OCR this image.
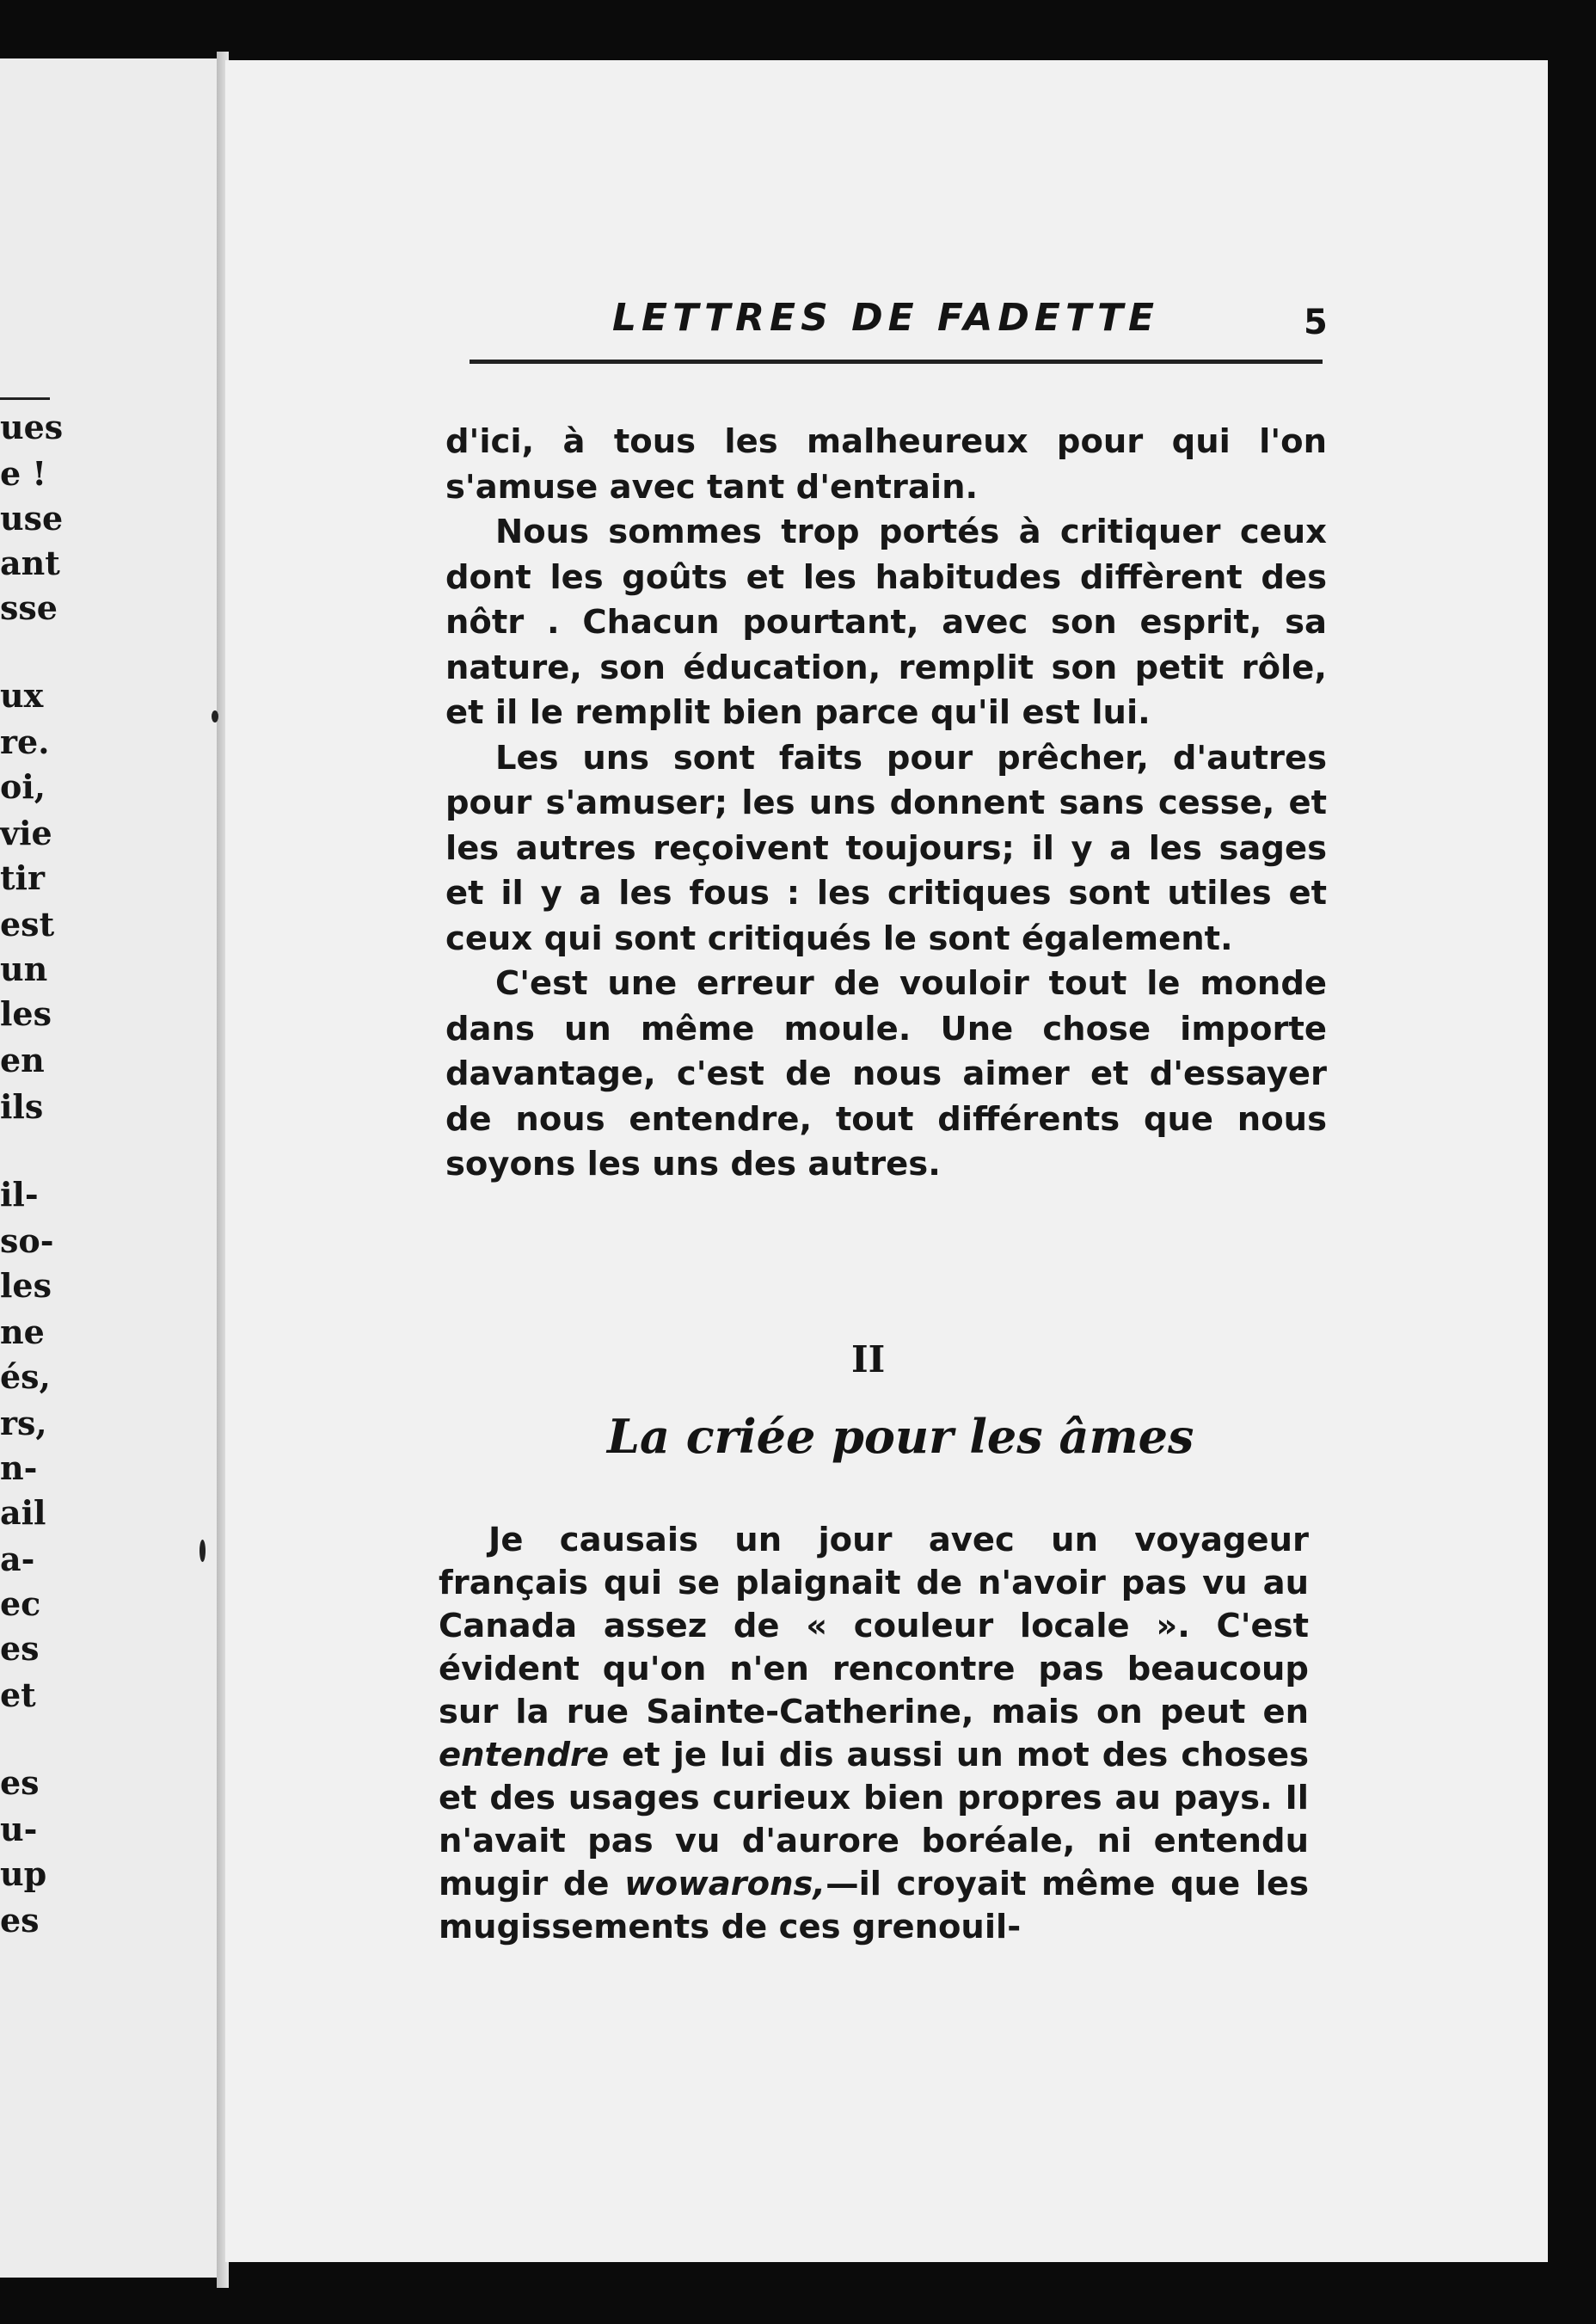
ues
e !
use
ant
sse
ux
re.
oi,
vie
tir
est
un
les
en
ils
il-
so-
les
ne
és,
rs,
n-
ail
a-
ec
es
et
es
u-
up
es
LETTRES DE FADETTE	5

d'ici, à tous les malheureux pour qui l'on s'amuse avec tant d'entrain.

Nous sommes trop portés à critiquer ceux dont les goûts et les habitudes diffèrent des nôtr . Chacun pourtant, avec son esprit, sa nature, son éducation, remplit son petit rôle, et il le remplit bien parce qu'il est lui.

Les uns sont faits pour prêcher, d'autres pour s'amuser; les uns donnent sans cesse, et les autres reçoivent toujours; il y a les sages et il y a les fous : les critiques sont utiles et ceux qui sont critiqués le sont également.

C'est une erreur de vouloir tout le monde dans un même moule. Une chose importe davantage, c'est de nous aimer et d'essayer de nous entendre, tout différents que nous soyons les uns des autres.

II
La criée pour les âmes

Je causais un jour avec un voyageur français qui se plaignait de n'avoir pas vu au Canada assez de « couleur locale ». C'est évident qu'on n'en rencontre pas beaucoup sur la rue Sainte-Catherine, mais on peut en entendre et je lui dis aussi un mot des choses et des usages curieux bien propres au pays. Il n'avait pas vu d'aurore boréale, ni entendu mugir de wowarons,—il croyait même que les mugissements de ces grenouil-
